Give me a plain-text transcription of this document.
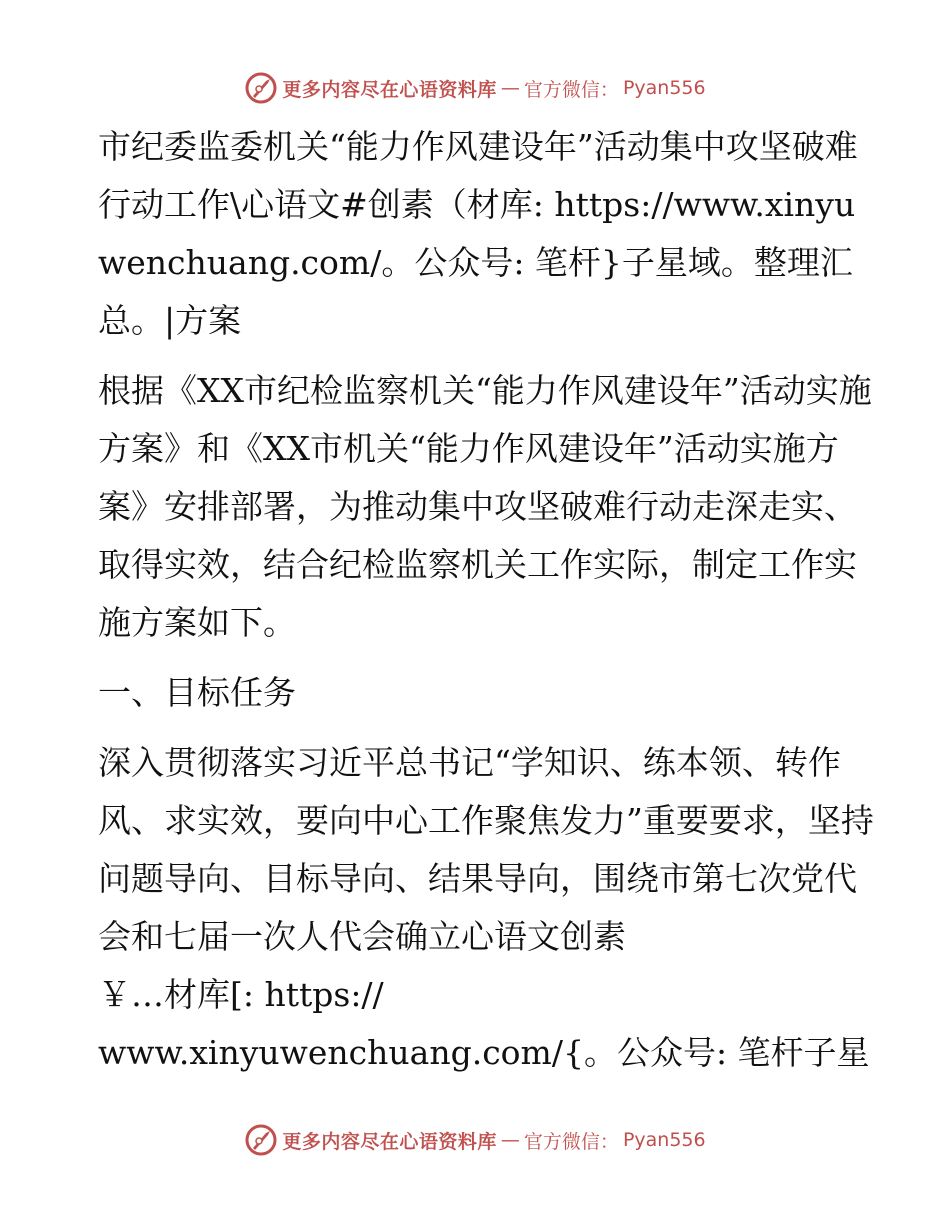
更多内容尽在心语资料库 — 官方微信： Pyan556

市纪委监委机关“能力作风建设年”活动集中攻坚破难行动工作\心语文#创素（材库: https://www.xinyuwenchuang.com/。公众号: 笔杆}子星域。整理汇总。|方案

根据《XX市纪检监察机关“能力作风建设年”活动实施方案》和《XX市机关“能力作风建设年”活动实施方案》安排部署，为推动集中攻坚破难行动走深走实、取得实效，结合纪检监察机关工作实际，制定工作实施方案如下。

一、目标任务

深入贯彻落实习近平总书记“学知识、练本领、转作风、求实效，要向中心工作聚焦发力”重要要求，坚持问题导向、目标导向、结果导向，围绕市第七次党代会和七届一次人代会确立心语文创素

￥…材库[: https://

www.xinyuwenchuang.com/{。公众号: 笔杆子星

更多内容尽在心语资料库 — 官方微信： Pyan556
